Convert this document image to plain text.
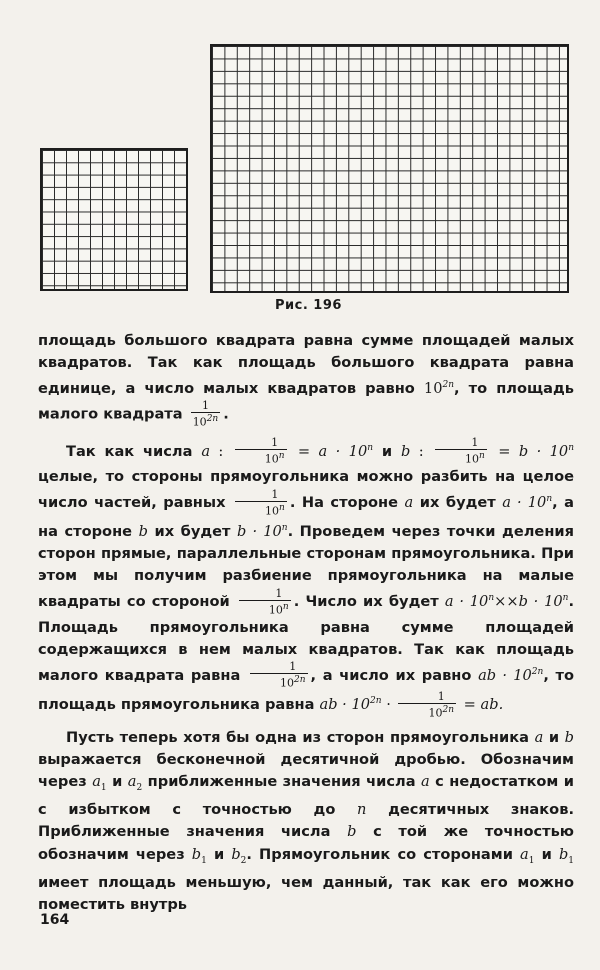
Рис. 196

площадь большого квадрата равна сумме площадей малых квадратов. Так как площадь большого квадрата равна единице, а число малых квадратов равно $10^{2n}$, то площадь малого квадрата $\frac{1}{10^{2n}}$ .

Так как числа a : $\frac{1}{10^n} = a \cdot 10^n$ и b : $\frac{1}{10^n} = b \cdot 10^n$ целые, то стороны прямоугольника можно разбить на целое число частей, равных $\frac{1}{10^n}$ . На стороне a их будет $a \cdot 10^n$, а на стороне b их будет $b \cdot 10^n$. Проведем через точки деления сторон прямые, параллельные сторонам прямоугольника. При этом мы получим разбиение прямоугольника на малые квадраты со стороной $\frac{1}{10^n}$ . Число их будет $a \cdot 10^n\times\times b \cdot 10^n$. Площадь прямоугольника равна сумме площадей содержащихся в нем малых квадратов. Так как площадь малого квадрата равна $\frac{1}{10^{2n}}$ , а число их равно ab · $10^{2n}$, то площадь прямоугольника равна ab · $10^{2n} \cdot \frac{1}{10^{2n}}$ = ab.

Пусть теперь хотя бы одна из сторон прямоугольника a и b выражается бесконечной десятичной дробью. Обозначим через $a_1$ и $a_2$ приближенные значения числа a с недостатком и с избытком с точностью до n десятичных знаков. Приближенные значения числа b с той же точностью обозначим через $b_1$ и $b_2$. Прямоугольник со сторонами $a_1$ и $b_1$ имеет площадь меньшую, чем данный, так как его можно поместить внутрь

164
